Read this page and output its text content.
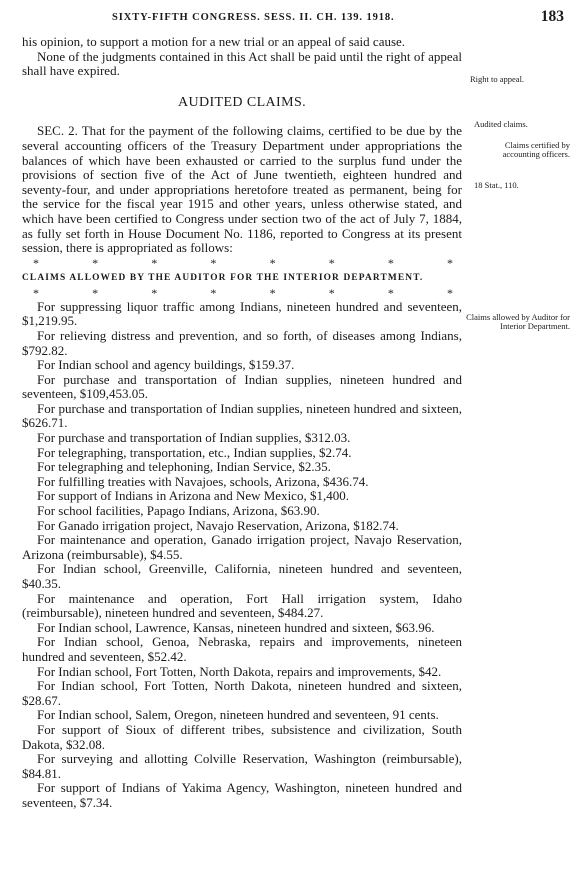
SIXTY-FIFTH CONGRESS. SESS. II. CH. 139. 1918.	183

his opinion, to support a motion for a new trial or an appeal of said cause.

None of the judgments contained in this Act shall be paid until the right of appeal shall have expired.

AUDITED CLAIMS.

SEC. 2. That for the payment of the following claims, certified to be due by the several accounting officers of the Treasury Department under appropriations the balances of which have been exhausted or carried to the surplus fund under the provisions of section five of the Act of June twentieth, eighteen hundred and seventy-four, and under appropriations heretofore treated as permanent, being for the service for the fiscal year 1915 and other years, unless otherwise stated, and which have been certified to Congress under section two of the act of July 7, 1884, as fully set forth in House Document No. 1186, reported to Congress at its present session, there is appropriated as follows:

*	*	*	*	*	*	*	*
CLAIMS ALLOWED BY THE AUDITOR FOR THE INTERIOR DEPARTMENT.
*	*	*	*	*	*	*	*

For suppressing liquor traffic among Indians, nineteen hundred and seventeen, $1,219.95.

For relieving distress and prevention, and so forth, of diseases among Indians, $792.82.

For Indian school and agency buildings, $159.37.

For purchase and transportation of Indian supplies, nineteen hundred and seventeen, $109,453.05.

For purchase and transportation of Indian supplies, nineteen hundred and sixteen, $626.71.

For purchase and transportation of Indian supplies, $312.03.

For telegraphing, transportation, etc., Indian supplies, $2.74.

For telegraphing and telephoning, Indian Service, $2.35.

For fulfilling treaties with Navajoes, schools, Arizona, $436.74.

For support of Indians in Arizona and New Mexico, $1,400.

For school facilities, Papago Indians, Arizona, $63.90.

For Ganado irrigation project, Navajo Reservation, Arizona, $182.74.

For maintenance and operation, Ganado irrigation project, Navajo Reservation, Arizona (reimbursable), $4.55.

For Indian school, Greenville, California, nineteen hundred and seventeen, $40.35.

For maintenance and operation, Fort Hall irrigation system, Idaho (reimbursable), nineteen hundred and seventeen, $484.27.

For Indian school, Lawrence, Kansas, nineteen hundred and sixteen, $63.96.

For Indian school, Genoa, Nebraska, repairs and improvements, nineteen hundred and seventeen, $52.42.

For Indian school, Fort Totten, North Dakota, repairs and improvements, $42.

For Indian school, Fort Totten, North Dakota, nineteen hundred and sixteen, $28.67.

For Indian school, Salem, Oregon, nineteen hundred and seventeen, 91 cents.

For support of Sioux of different tribes, subsistence and civilization, South Dakota, $32.08.

For surveying and allotting Colville Reservation, Washington (reimbursable), $84.81.

For support of Indians of Yakima Agency, Washington, nineteen hundred and seventeen, $7.34.

Right to appeal.
Audited claims.
Claims certified by accounting officers.
18 Stat., 110.
Claims allowed by Auditor for Interior Department.
